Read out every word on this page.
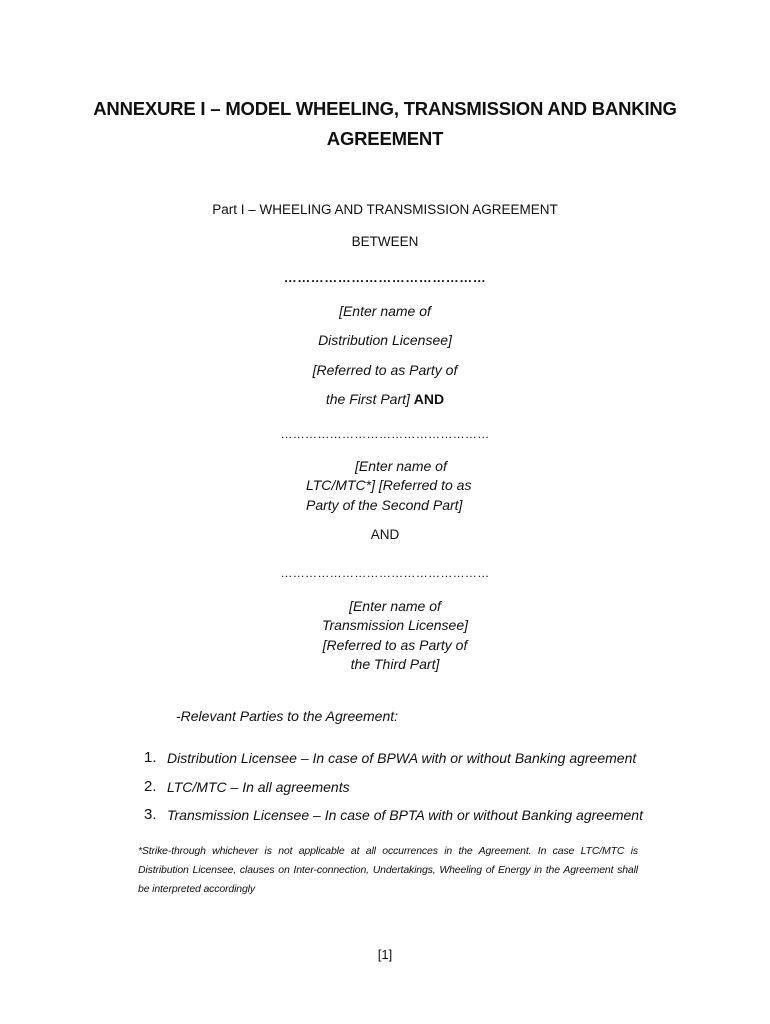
ANNEXURE I – MODEL WHEELING, TRANSMISSION AND BANKING
AGREEMENT
Part I – WHEELING AND TRANSMISSION AGREEMENT
BETWEEN
………………………………………
[Enter name of
Distribution Licensee]
[Referred to as Party of
the First Part] AND
……………………………………………
[Enter name of
LTC/MTC*] [Referred to as
Party of the Second Part]
AND
……………………………………………
[Enter name of
Transmission Licensee]
[Referred to as Party of
the Third Part]
-Relevant Parties to the Agreement:
1. Distribution Licensee – In case of BPWA with or without Banking agreement
2. LTC/MTC – In all agreements
3. Transmission Licensee – In case of BPTA with or without Banking agreement
*Strike-through whichever is not applicable at all occurrences in the Agreement. In case LTC/MTC is Distribution Licensee, clauses on Inter-connection, Undertakings, Wheeling of Energy in the Agreement shall be interpreted accordingly
[1]
